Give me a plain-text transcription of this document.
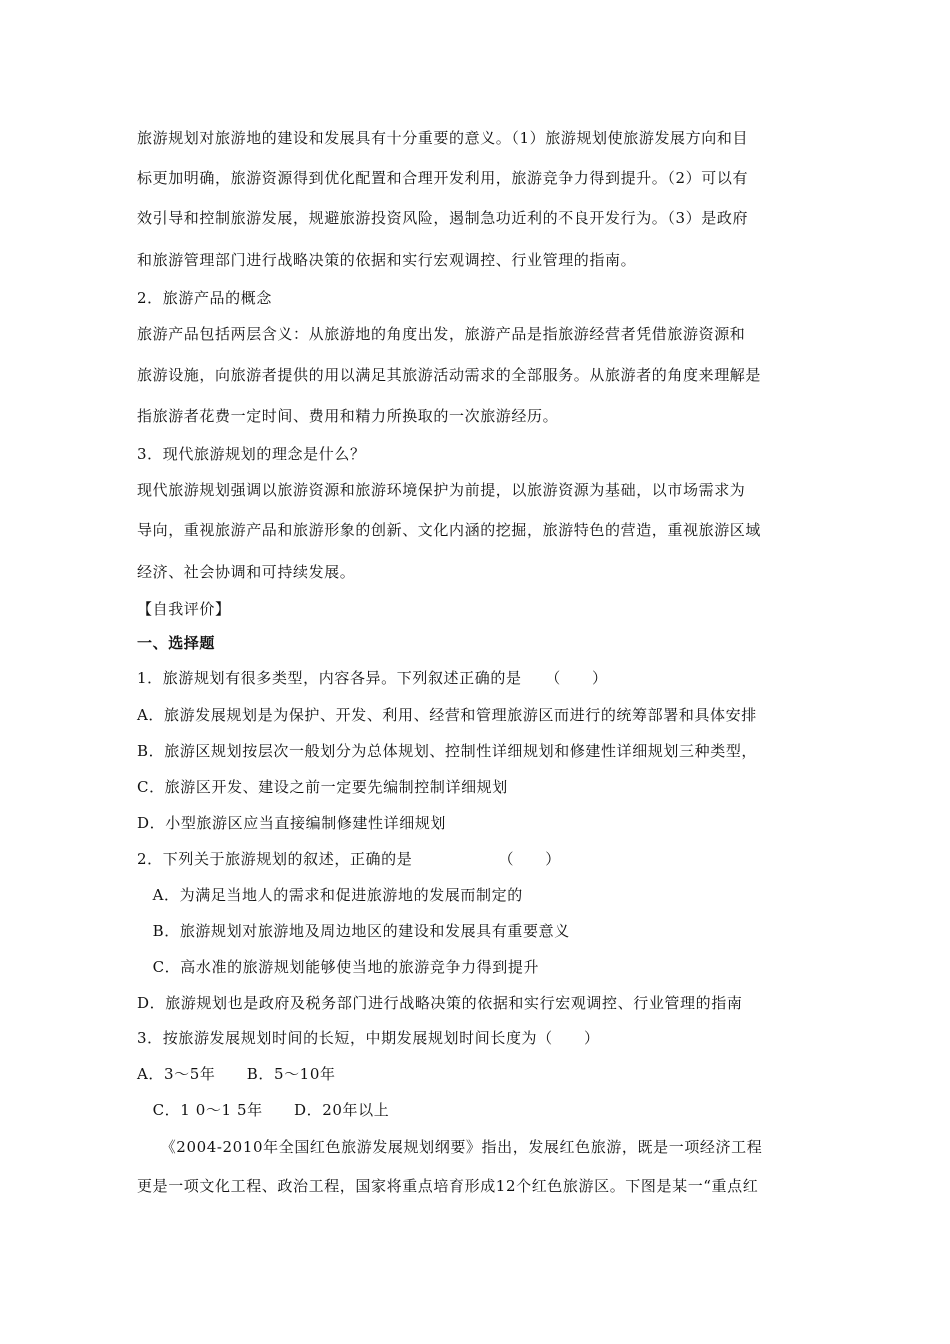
旅游规划对旅游地的建设和发展具有十分重要的意义。（1）旅游规划使旅游发展方向和目
标更加明确，旅游资源得到优化配置和合理开发利用，旅游竞争力得到提升。（2）可以有
效引导和控制旅游发展，规避旅游投资风险，遏制急功近利的不良开发行为。（3）是政府
和旅游管理部门进行战略决策的依据和实行宏观调控、行业管理的指南。
2．旅游产品的概念
旅游产品包括两层含义：从旅游地的角度出发，旅游产品是指旅游经营者凭借旅游资源和
旅游设施，向旅游者提供的用以满足其旅游活动需求的全部服务。从旅游者的角度来理解是
指旅游者花费一定时间、费用和精力所换取的一次旅游经历。
3．现代旅游规划的理念是什么？
现代旅游规划强调以旅游资源和旅游环境保护为前提，以旅游资源为基础，以市场需求为
导向，重视旅游产品和旅游形象的创新、文化内涵的挖掘，旅游特色的营造，重视旅游区域
经济、社会协调和可持续发展。
【自我评价】
一、选择题
1．旅游规划有很多类型，内容各异。下列叙述正确的是　　（　　）
A．旅游发展规划是为保护、开发、利用、经营和管理旅游区而进行的统筹部署和具体安排
B．旅游区规划按层次一般划分为总体规划、控制性详细规划和修建性详细规划三种类型，
C．旅游区开发、建设之前一定要先编制控制详细规划
D．小型旅游区应当直接编制修建性详细规划
2．下列关于旅游规划的叙述，正确的是　　　　　　（　　）
　A．为满足当地人的需求和促进旅游地的发展而制定的
　B．旅游规划对旅游地及周边地区的建设和发展具有重要意义
　C．高水准的旅游规划能够使当地的旅游竞争力得到提升
D．旅游规划也是政府及税务部门进行战略决策的依据和实行宏观调控、行业管理的指南
3．按旅游发展规划时间的长短，中期发展规划时间长度为（　　）
A．3～5年　　B．5～10年
　C．1 0～1 5年　　D．20年以上
　　《2004-2010年全国红色旅游发展规划纲要》指出，发展红色旅游，既是一项经济工程
更是一项文化工程、政治工程，国家将重点培育形成12个红色旅游区。下图是某一“重点红
